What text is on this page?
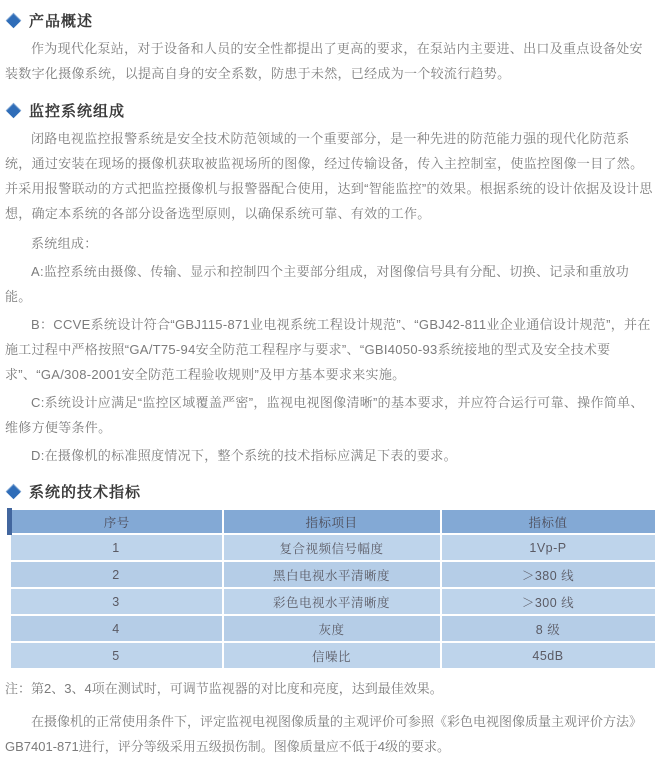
产品概述

作为现代化泵站，对于设备和人员的安全性都提出了更高的要求，在泵站内主要进、出口及重点设备处安装数字化摄像系统，以提高自身的安全系数，防患于未然，已经成为一个较流行趋势。

监控系统组成

闭路电视监控报警系统是安全技术防范领域的一个重要部分，是一种先进的防范能力强的现代化防范系统，通过安装在现场的摄像机获取被监视场所的图像，经过传输设备，传入主控制室，使监控图像一目了然。并采用报警联动的方式把监控摄像机与报警器配合使用，达到“智能监控”的效果。根据系统的设计依据及设计思想，确定本系统的各部分设备选型原则，以确保系统可靠、有效的工作。

系统组成：

A:监控系统由摄像、传输、显示和控制四个主要部分组成，对图像信号具有分配、切换、记录和重放功能。

B：CCVE系统设计符合“GBJ115-871业电视系统工程设计规范”、“GBJ42-811业企业通信设计规范”，并在施工过程中严格按照“GA/T75-94安全防范工程程序与要求”、“GBI4050-93系统接地的型式及安全技术要求”、“GA/308-2001安全防范工程验收规则”及甲方基本要求来实施。

C:系统设计应满足“监控区域覆盖严密”，监视电视图像清晰”的基本要求，并应符合运行可靠、操作简单、维修方便等条件。

D:在摄像机的标准照度情况下，整个系统的技术指标应满足下表的要求。

系统的技术指标
序号	指标项目	指标值
1	复合视频信号幅度	1Vp-P
2	黑白电视水平清晰度	＞380 线
3	彩色电视水平清晰度	＞300 线
4	灰度	8 级
5	信噪比	45dB

注：第2、3、4项在测试时，可调节监视器的对比度和亮度，达到最佳效果。

在摄像机的正常使用条件下，评定监视电视图像质量的主观评价可参照《彩色电视图像质量主观评价方法》GB7401-871进行，评分等级采用五级损伤制。图像质量应不低于4级的要求。
